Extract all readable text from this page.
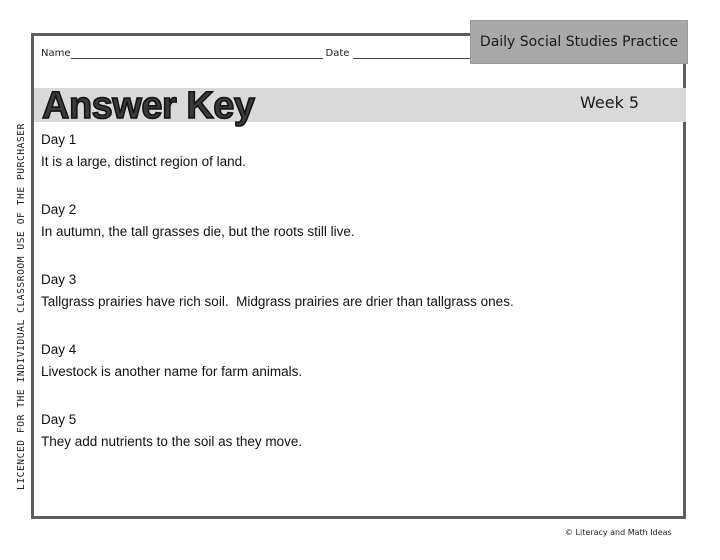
Daily Social Studies Practice
Name	Date
Answer Key	Week 5
LICENCED FOR THE INDIVIDUAL CLASSROOM USE OF THE PURCHASER Day 1
It is a large, distinct region of land.
Day 2
In autumn, the tall grasses die, but the roots still live.
Day 3
Tallgrass prairies have rich soil.  Midgrass prairies are drier than tallgrass ones.
Day 4
Livestock is another name for farm animals.
Day 5
They add nutrients to the soil as they move.
© Literacy and Math Ideas
